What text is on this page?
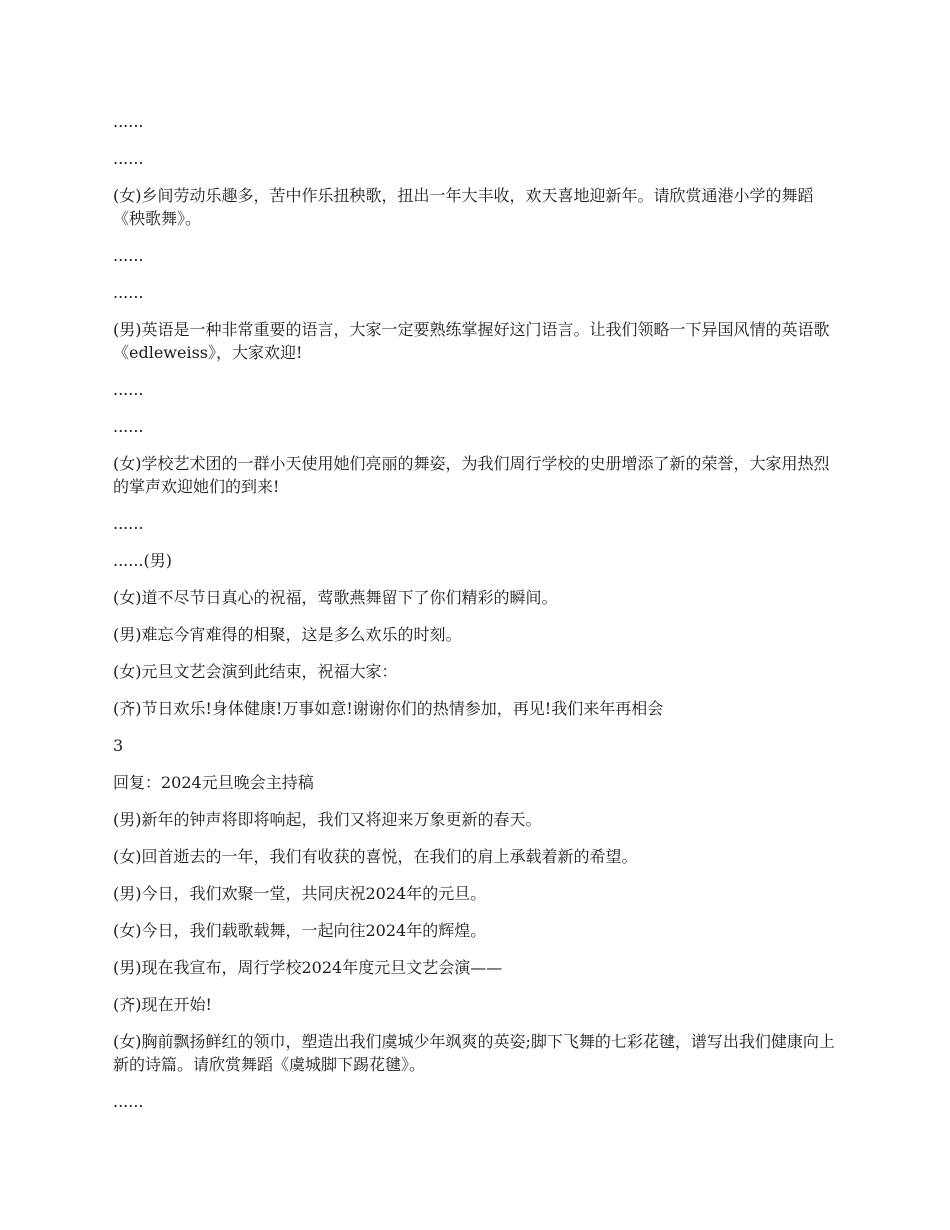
......

......

(女)乡间劳动乐趣多，苦中作乐扭秧歌，扭出一年大丰收，欢天喜地迎新年。请欣赏通港小学的舞蹈《秧歌舞》。

......

......

(男)英语是一种非常重要的语言，大家一定要熟练掌握好这门语言。让我们领略一下异国风情的英语歌《edleweiss》，大家欢迎!

......

......

(女)学校艺术团的一群小天使用她们亮丽的舞姿，为我们周行学校的史册增添了新的荣誉，大家用热烈的掌声欢迎她们的到来!

......

......(男)

(女)道不尽节日真心的祝福，莺歌燕舞留下了你们精彩的瞬间。

(男)难忘今宵难得的相聚，这是多么欢乐的时刻。

(女)元旦文艺会演到此结束，祝福大家：

(齐)节日欢乐!身体健康!万事如意!谢谢你们的热情参加，再见!我们来年再相会

3

回复：2024元旦晚会主持稿

(男)新年的钟声将即将响起，我们又将迎来万象更新的春天。

(女)回首逝去的一年，我们有收获的喜悦，在我们的肩上承载着新的希望。

(男)今日，我们欢聚一堂，共同庆祝2024年的元旦。

(女)今日，我们载歌载舞，一起向往2024年的辉煌。

(男)现在我宣布，周行学校2024年度元旦文艺会演——

(齐)现在开始!

(女)胸前飘扬鲜红的领巾，塑造出我们虞城少年飒爽的英姿;脚下飞舞的七彩花毽，谱写出我们健康向上新的诗篇。请欣赏舞蹈《虞城脚下踢花毽》。

......
